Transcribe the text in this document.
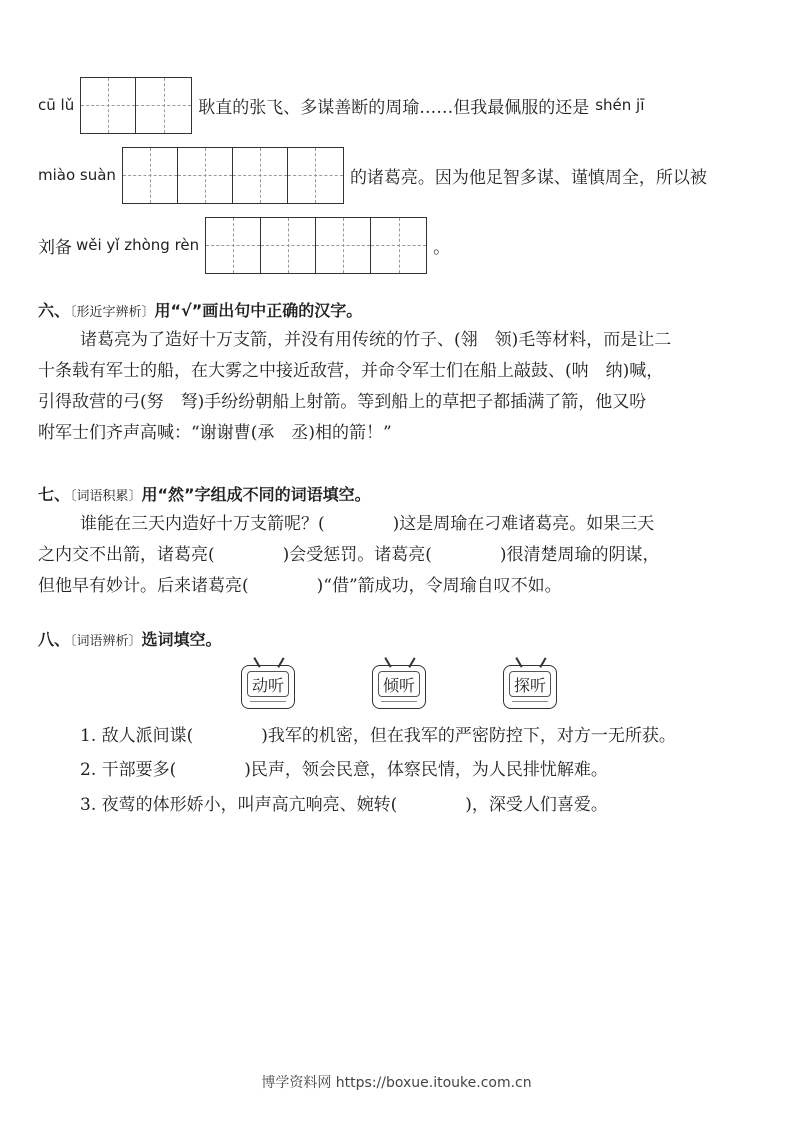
cū lǔ	耿直的张飞、多谋善断的周瑜……但我最佩服的还是 shén jī
miào suàn	的诸葛亮。因为他足智多谋、谨慎周全，所以被
刘备 wěi yǐ zhòng rèn	。
六、〔形近字辨析〕用“√”画出句中正确的汉字。

诸葛亮为了造好十万支箭，并没有用传统的竹子、(翎　领)毛等材料，而是让二

十条载有军士的船，在大雾之中接近敌营，并命令军士们在船上敲鼓、(呐　纳)喊，

引得敌营的弓(努　弩)手纷纷朝船上射箭。等到船上的草把子都插满了箭，他又吩

咐军士们齐声高喊：“谢谢曹(承　丞)相的箭！”

七、〔词语积累〕用“然”字组成不同的词语填空。

谁能在三天内造好十万支箭呢？(　　　　)这是周瑜在刁难诸葛亮。如果三天

之内交不出箭，诸葛亮(　　　　)会受惩罚。诸葛亮(　　　　)很清楚周瑜的阴谋，

但他早有妙计。后来诸葛亮(　　　　)“借”箭成功，令周瑜自叹不如。

八、〔词语辨析〕选词填空。
动听	倾听	探听
1. 敌人派间谍(　　　　)我军的机密，但在我军的严密防控下，对方一无所获。
2. 干部要多(　　　　)民声，领会民意，体察民情，为人民排忧解难。
3. 夜莺的体形娇小，叫声高亢响亮、婉转(　　　　)，深受人们喜爱。
博学资料网 https://boxue.itouke.com.cn
